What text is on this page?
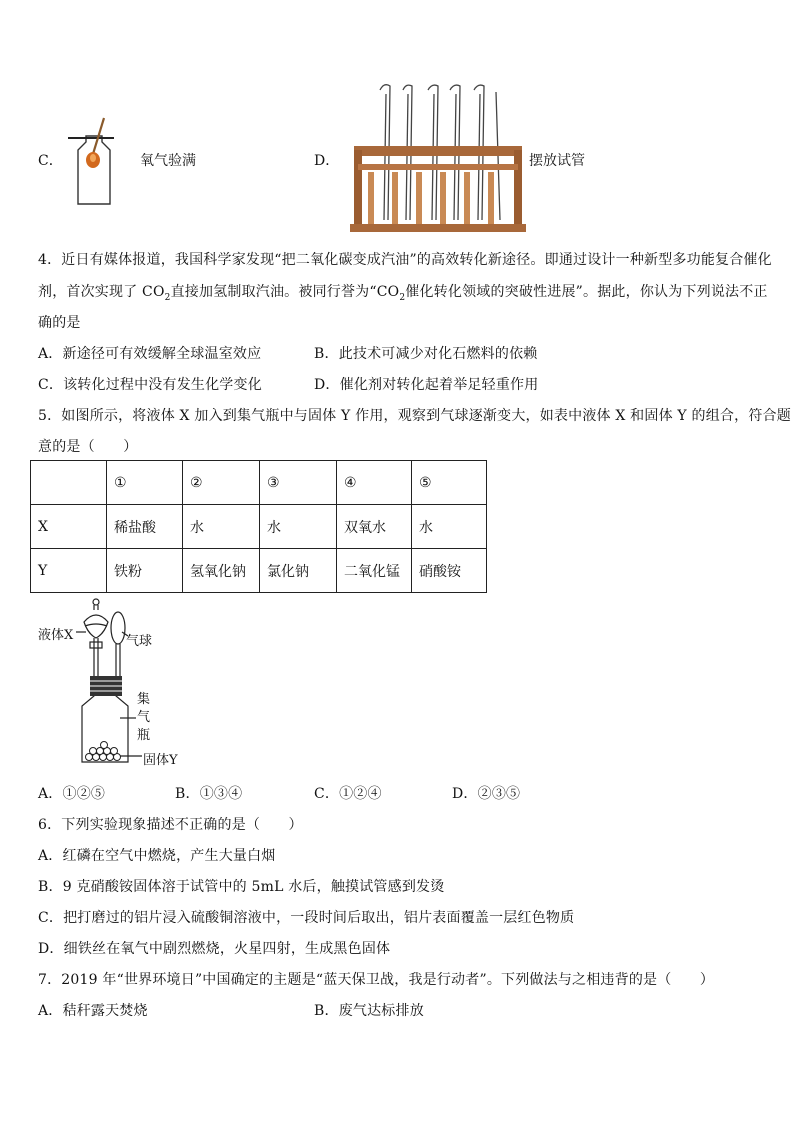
C．	氧气验满	D．	摆放试管
4．近日有媒体报道，我国科学家发现“把二氧化碳变成汽油”的高效转化新途径。即通过设计一种新型多功能复合催化
剂，首次实现了 $CO_2$直接加氢制取汽油。被同行誉为“$CO_2$催化转化领域的突破性进展”。据此，你认为下列说法不正
确的是
A．新途径可有效缓解全球温室效应	B．此技术可减少对化石燃料的依赖
C．该转化过程中没有发生化学变化	D．催化剂对转化起着举足轻重作用
5．如图所示，将液体 X 加入到集气瓶中与固体 Y 作用，观察到气球逐渐变大，如表中液体 X 和固体 Y 的组合，符合题
意的是（　　）
	①	②	③	④	⑤
X	稀盐酸	水	水	双氧水	水
Y	铁粉	氢氧化钠	氯化钠	二氧化锰	硝酸铵
液体X	气球
集
气
瓶
固体Y
A．①②⑤	B．①③④	C．①②④	D．②③⑤
6．下列实验现象描述不正确的是（　　）
A．红磷在空气中燃烧，产生大量白烟
B．9 克硝酸铵固体溶于试管中的 5mL 水后，触摸试管感到发烫
C．把打磨过的铝片浸入硫酸铜溶液中，一段时间后取出，铝片表面覆盖一层红色物质
D．细铁丝在氧气中剧烈燃烧，火星四射，生成黑色固体
7．2019 年“世界环境日”中国确定的主题是“蓝天保卫战，我是行动者”。下列做法与之相违背的是（　　）
A．秸秆露天焚烧	B．废气达标排放
